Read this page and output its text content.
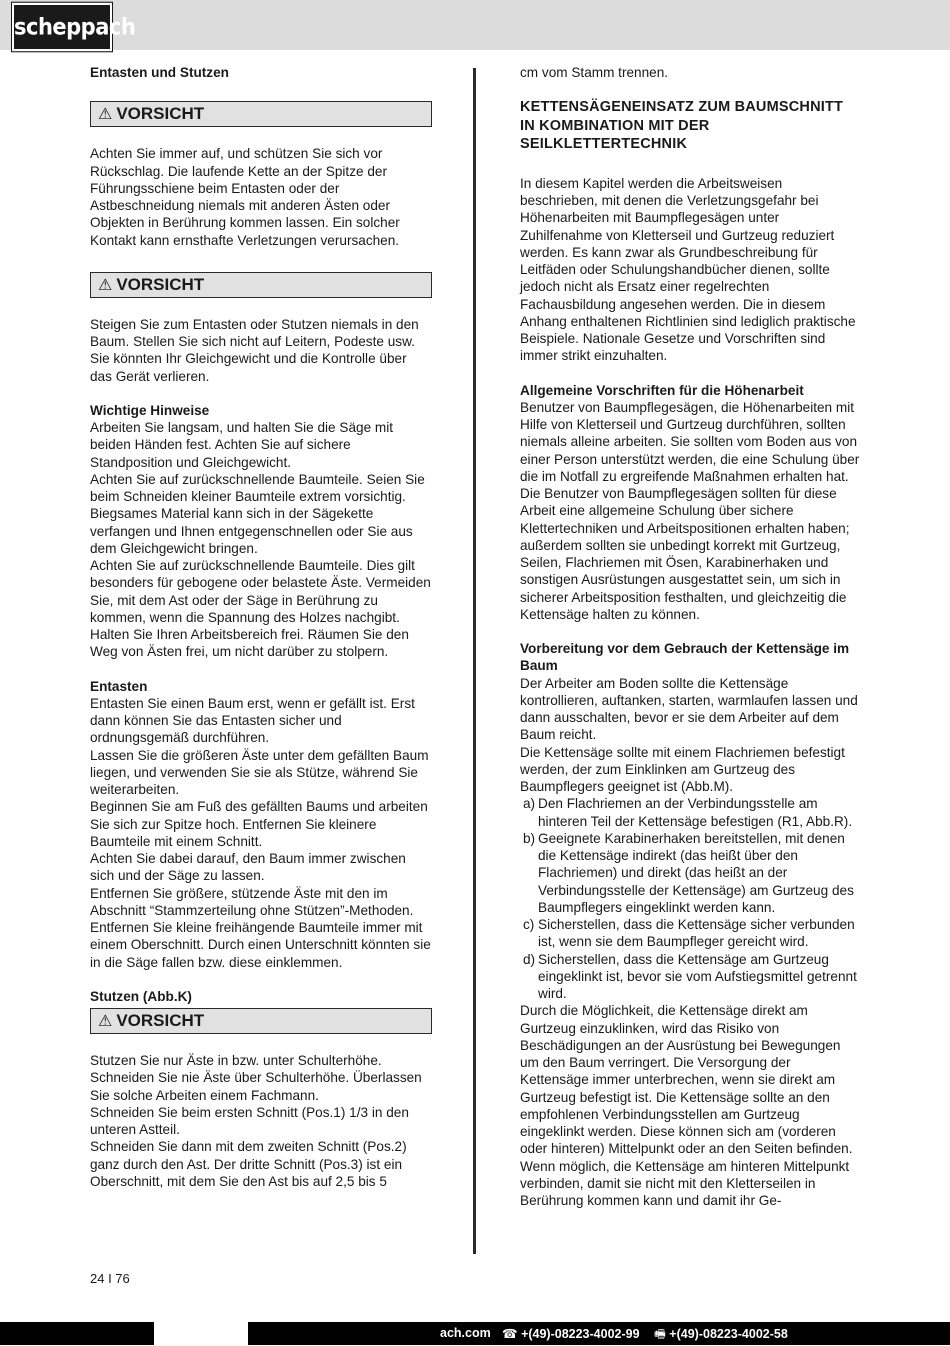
scheppach

Entasten und Stutzen

⚠ VORSICHT

Achten Sie immer auf, und schützen Sie sich vor Rückschlag. Die laufende Kette an der Spitze der Führungsschiene beim Entasten oder der Astbeschneidung niemals mit anderen Ästen oder Objekten in Berührung kommen lassen. Ein solcher Kontakt kann ernsthafte Verletzungen verursachen.

⚠ VORSICHT

Steigen Sie zum Entasten oder Stutzen niemals in den Baum. Stellen Sie sich nicht auf Leitern, Podeste usw. Sie könnten Ihr Gleichgewicht und die Kontrolle über das Gerät verlieren.

Wichtige Hinweise

Arbeiten Sie langsam, und halten Sie die Säge mit beiden Händen fest. Achten Sie auf sichere Standposition und Gleichgewicht.

Achten Sie auf zurückschnellende Baumteile. Seien Sie beim Schneiden kleiner Baumteile extrem vorsichtig. Biegsames Material kann sich in der Sägekette verfangen und Ihnen entgegenschnellen oder Sie aus dem Gleichgewicht bringen.

Achten Sie auf zurückschnellende Baumteile. Dies gilt besonders für gebogene oder belastete Äste. Vermeiden Sie, mit dem Ast oder der Säge in Berührung zu kommen, wenn die Spannung des Holzes nachgibt.

Halten Sie Ihren Arbeitsbereich frei. Räumen Sie den Weg von Ästen frei, um nicht darüber zu stolpern.

Entasten

Entasten Sie einen Baum erst, wenn er gefällt ist. Erst dann können Sie das Entasten sicher und ordnungsgemäß durchführen.

Lassen Sie die größeren Äste unter dem gefällten Baum liegen, und verwenden Sie sie als Stütze, während Sie weiterarbeiten.

Beginnen Sie am Fuß des gefällten Baums und arbeiten Sie sich zur Spitze hoch. Entfernen Sie kleinere Baumteile mit einem Schnitt.

Achten Sie dabei darauf, den Baum immer zwischen sich und der Säge zu lassen.

Entfernen Sie größere, stützende Äste mit den im Abschnitt “Stammzerteilung ohne Stützen”-Methoden.

Entfernen Sie kleine freihängende Baumteile immer mit einem Oberschnitt. Durch einen Unterschnitt könnten sie in die Säge fallen bzw. diese einklemmen.

Stutzen (Abb.K)

⚠ VORSICHT

Stutzen Sie nur Äste in bzw. unter Schulterhöhe. Schneiden Sie nie Äste über Schulterhöhe. Überlassen Sie solche Arbeiten einem Fachmann.

Schneiden Sie beim ersten Schnitt (Pos.1) 1/3 in den unteren Astteil.

Schneiden Sie dann mit dem zweiten Schnitt (Pos.2) ganz durch den Ast. Der dritte Schnitt (Pos.3) ist ein Oberschnitt, mit dem Sie den Ast bis auf 2,5 bis 5

cm vom Stamm trennen.

KETTENSÄGENEINSATZ ZUM BAUMSCHNITT IN KOMBINATION MIT DER SEILKLETTERTECHNIK

In diesem Kapitel werden die Arbeitsweisen beschrieben, mit denen die Verletzungsgefahr bei Höhenarbeiten mit Baumpflegesägen unter Zuhilfenahme von Kletterseil und Gurtzeug reduziert werden. Es kann zwar als Grundbeschreibung für Leitfäden oder Schulungshandbücher dienen, sollte jedoch nicht als Ersatz einer regelrechten Fachausbildung angesehen werden. Die in diesem Anhang enthaltenen Richtlinien sind lediglich praktische Beispiele. Nationale Gesetze und Vorschriften sind immer strikt einzuhalten.

Allgemeine Vorschriften für die Höhenarbeit

Benutzer von Baumpflegesägen, die Höhenarbeiten mit Hilfe von Kletterseil und Gurtzeug durchführen, sollten niemals alleine arbeiten. Sie sollten vom Boden aus von einer Person unterstützt werden, die eine Schulung über die im Notfall zu ergreifende Maßnahmen erhalten hat. Die Benutzer von Baumpflegesägen sollten für diese Arbeit eine allgemeine Schulung über sichere Klettertechniken und Arbeitspositionen erhalten haben; außerdem sollten sie unbedingt korrekt mit Gurtzeug, Seilen, Flachriemen mit Ösen, Karabinerhaken und sonstigen Ausrüstungen ausgestattet sein, um sich in sicherer Arbeitsposition festhalten, und gleichzeitig die Kettensäge halten zu können.

Vorbereitung vor dem Gebrauch der Kettensäge im Baum

Der Arbeiter am Boden sollte die Kettensäge kontrollieren, auftanken, starten, warmlaufen lassen und dann ausschalten, bevor er sie dem Arbeiter auf dem Baum reicht.

Die Kettensäge sollte mit einem Flachriemen befestigt werden, der zum Einklinken am Gurtzeug des Baumpflegers geeignet ist (Abb.M).

a) Den Flachriemen an der Verbindungsstelle am hinteren Teil der Kettensäge befestigen (R1, Abb.R).
b) Geeignete Karabinerhaken bereitstellen, mit denen die Kettensäge indirekt (das heißt über den Flachriemen) und direkt (das heißt an der Verbindungsstelle der Kettensäge) am Gurtzeug des Baumpflegers eingeklinkt werden kann.
c) Sicherstellen, dass die Kettensäge sicher verbunden ist, wenn sie dem Baumpfleger gereicht wird.
d) Sicherstellen, dass die Kettensäge am Gurtzeug eingeklinkt ist, bevor sie vom Aufstiegsmittel getrennt wird.

Durch die Möglichkeit, die Kettensäge direkt am Gurtzeug einzuklinken, wird das Risiko von Beschädigungen an der Ausrüstung bei Bewegungen um den Baum verringert. Die Versorgung der Kettensäge immer unterbrechen, wenn sie direkt am Gurtzeug befestigt ist. Die Kettensäge sollte an den empfohlenen Verbindungsstellen am Gurtzeug eingeklinkt werden. Diese können sich am (vorderen oder hinteren) Mittelpunkt oder an den Seiten befinden. Wenn möglich, die Kettensäge am hinteren Mittelpunkt verbinden, damit sie nicht mit den Kletterseilen in Berührung kommen kann und damit ihr Ge-

24 I 76
ach.com ☎ +(49)-08223-4002-99 🖷 +(49)-08223-4002-58
